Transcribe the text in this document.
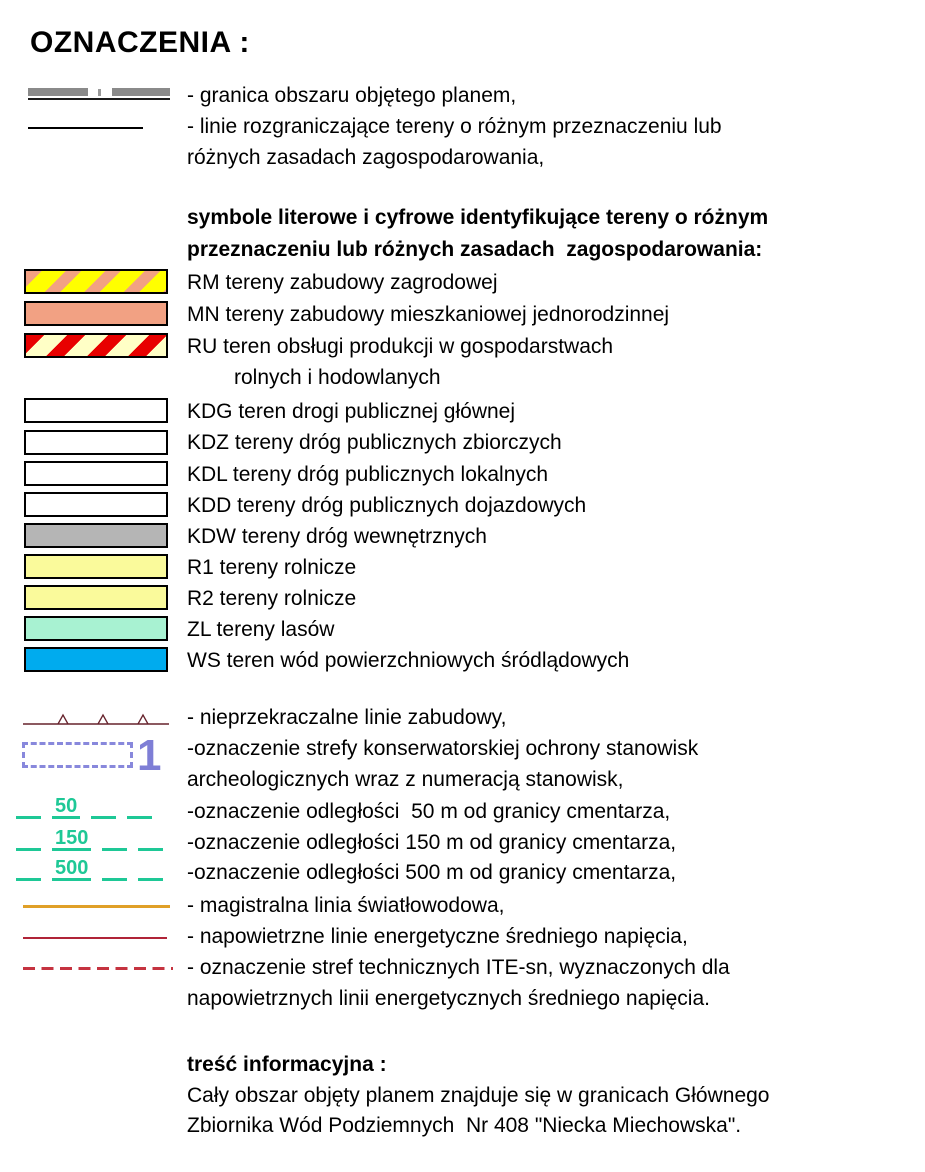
OZNACZENIA :
- granica obszaru objętego planem,
- linie rozgraniczające tereny o różnym przeznaczeniu lub
różnych zasadach zagospodarowania,
symbole literowe i cyfrowe identyfikujące tereny o różnym
przeznaczeniu lub różnych zasadach  zagospodarowania:
RM tereny zabudowy zagrodowej
MN tereny zabudowy mieszkaniowej jednorodzinnej
RU teren obsługi produkcji w gospodarstwach
rolnych i hodowlanych
KDG teren drogi publicznej głównej
KDZ tereny dróg publicznych zbiorczych
KDL tereny dróg publicznych lokalnych
KDD tereny dróg publicznych dojazdowych
KDW tereny dróg wewnętrznych
R1 tereny rolnicze
R2 tereny rolnicze
ZL tereny lasów
WS teren wód powierzchniowych śródlądowych
- nieprzekraczalne linie zabudowy,
1 -oznaczenie strefy konserwatorskiej ochrony stanowisk
archeologicznych wraz z numeracją stanowisk,
50	-oznaczenie odległości  50 m od granicy cmentarza,
150	-oznaczenie odległości 150 m od granicy cmentarza,
500	-oznaczenie odległości 500 m od granicy cmentarza,
- magistralna linia światłowodowa,
- napowietrzne linie energetyczne średniego napięcia,
- oznaczenie stref technicznych ITE-sn, wyznaczonych dla
napowietrznych linii energetycznych średniego napięcia.
treść informacyjna :
Cały obszar objęty planem znajduje się w granicach Głównego
Zbiornika Wód Podziemnych  Nr 408 "Niecka Miechowska".
